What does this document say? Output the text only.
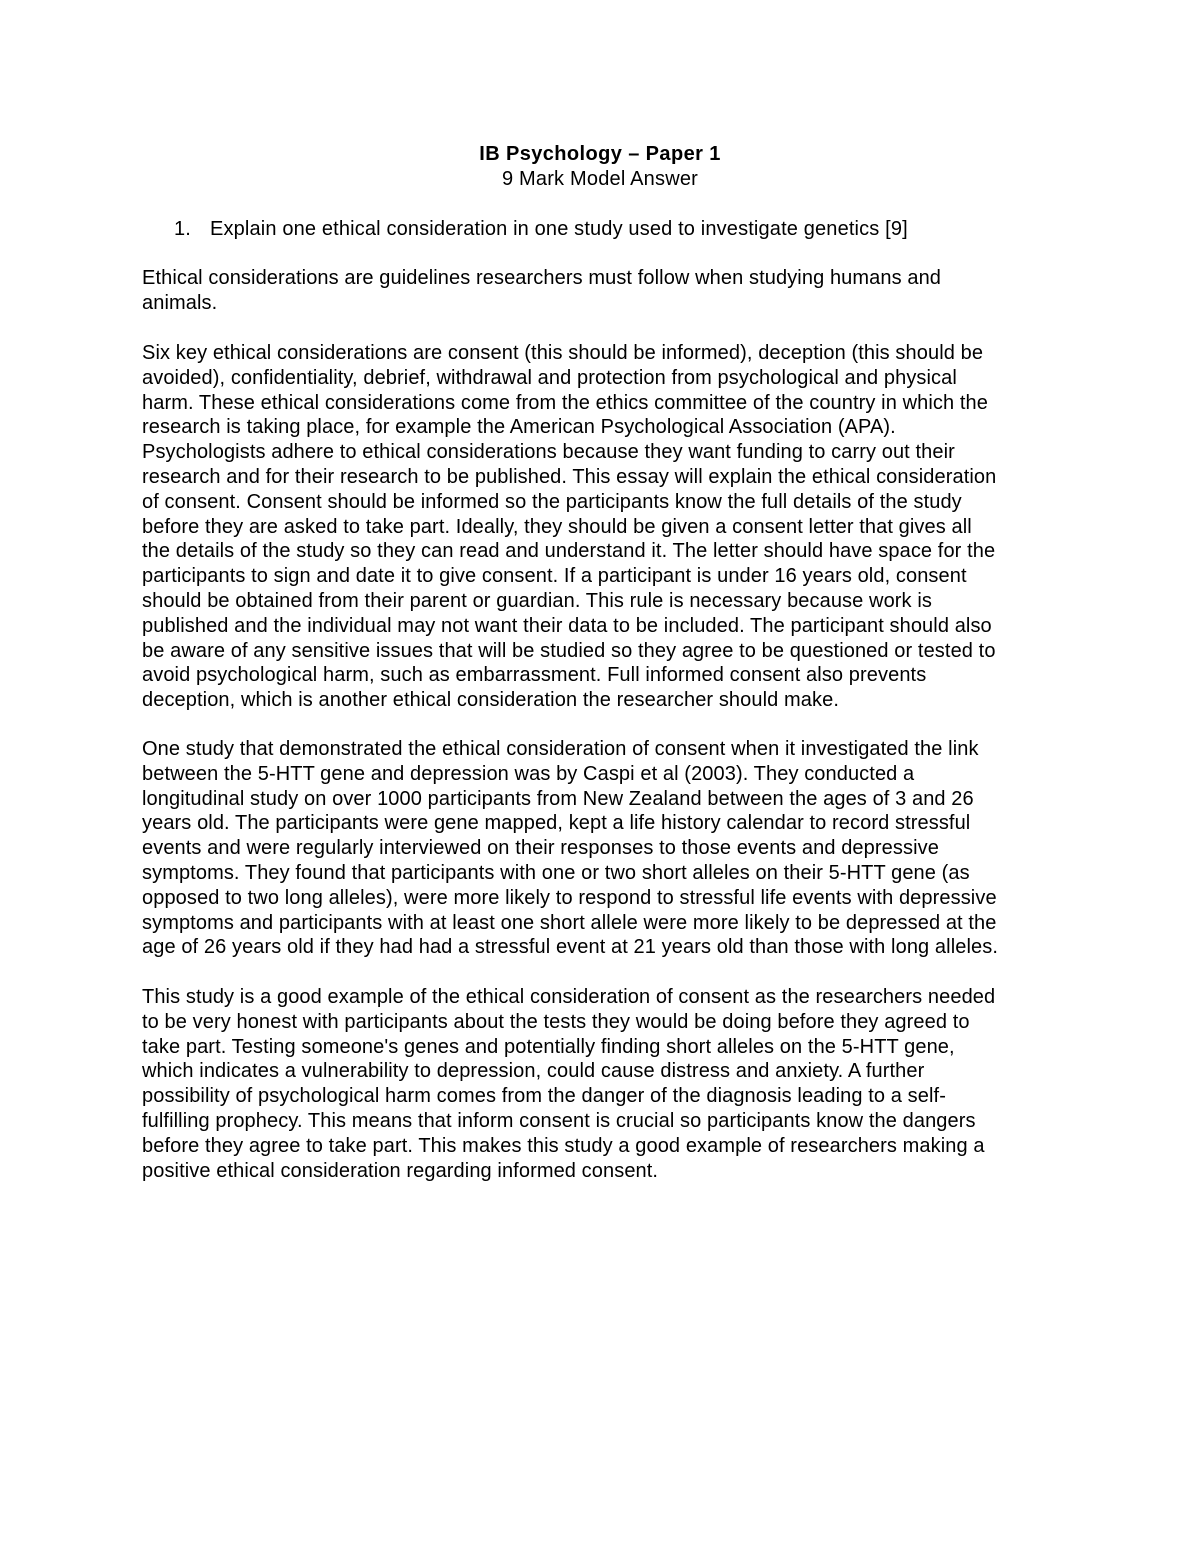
IB Psychology – Paper 1
9 Mark Model Answer
1. Explain one ethical consideration in one study used to investigate genetics [9]
Ethical considerations are guidelines researchers must follow when studying humans and
animals.
Six key ethical considerations are consent (this should be informed), deception (this should be
avoided), confidentiality, debrief, withdrawal and protection from psychological and physical
harm. These ethical considerations come from the ethics committee of the country in which the
research is taking place, for example the American Psychological Association (APA).
Psychologists adhere to ethical considerations because they want funding to carry out their
research and for their research to be published. This essay will explain the ethical consideration
of consent. Consent should be informed so the participants know the full details of the study
before they are asked to take part. Ideally, they should be given a consent letter that gives all
the details of the study so they can read and understand it. The letter should have space for the
participants to sign and date it to give consent. If a participant is under 16 years old, consent
should be obtained from their parent or guardian. This rule is necessary because work is
published and the individual may not want their data to be included. The participant should also
be aware of any sensitive issues that will be studied so they agree to be questioned or tested to
avoid psychological harm, such as embarrassment. Full informed consent also prevents
deception, which is another ethical consideration the researcher should make.
One study that demonstrated the ethical consideration of consent when it investigated the link
between the 5-HTT gene and depression was by Caspi et al (2003). They conducted a
longitudinal study on over 1000 participants from New Zealand between the ages of 3 and 26
years old. The participants were gene mapped, kept a life history calendar to record stressful
events and were regularly interviewed on their responses to those events and depressive
symptoms. They found that participants with one or two short alleles on their 5-HTT gene (as
opposed to two long alleles), were more likely to respond to stressful life events with depressive
symptoms and participants with at least one short allele were more likely to be depressed at the
age of 26 years old if they had had a stressful event at 21 years old than those with long alleles.
This study is a good example of the ethical consideration of consent as the researchers needed
to be very honest with participants about the tests they would be doing before they agreed to
take part. Testing someone's genes and potentially finding short alleles on the 5-HTT gene,
which indicates a vulnerability to depression, could cause distress and anxiety. A further
possibility of psychological harm comes from the danger of the diagnosis leading to a self-
fulfilling prophecy. This means that inform consent is crucial so participants know the dangers
before they agree to take part. This makes this study a good example of researchers making a
positive ethical consideration regarding informed consent.
